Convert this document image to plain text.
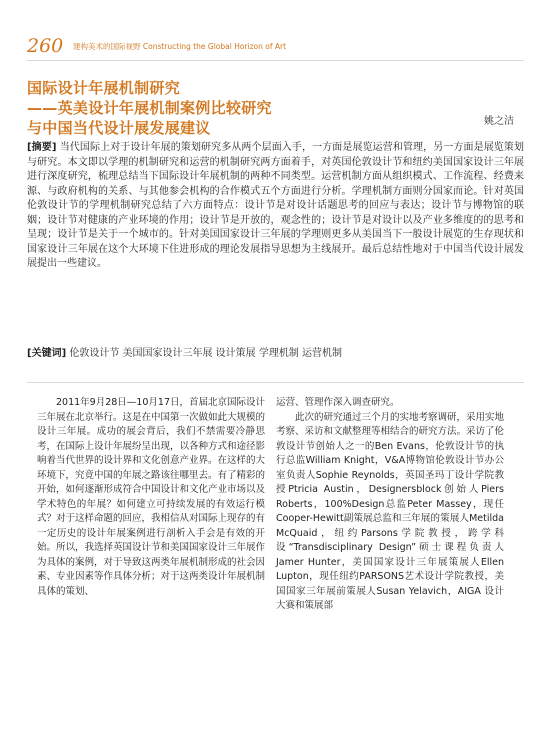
260 建构美术的国际视野 Constructing the Global Horizon of Art
国际设计年展机制研究
——英美设计年展机制案例比较研究
与中国当代设计展发展建议	姚之洁
[摘要] 当代国际上对于设计年展的策划研究多从两个层面入手，一方面是展览运营和管理，另一方面是展览策划与研究。本文即以学理的机制研究和运营的机制研究两方面着手，对英国伦敦设计节和纽约美国国家设计三年展进行深度研究，梳理总结当下国际设计年展机制的两种不同类型。运营机制方面从组织模式、工作流程、经费来源、与政府机构的关系、与其他参会机构的合作模式五个方面进行分析。学理机制方面则分国家而论。针对英国伦敦设计节的学理机制研究总结了六方面特点：设计节是对设计话题思考的回应与表达；设计节与博物馆的联姻；设计节对健康的产业环境的作用；设计节是开放的，观念性的；设计节是对设计以及产业多维度的的思考和呈现；设计节是关于一个城市的。针对美国国家设计三年展的学理则更多从美国当下一般设计展览的生存现状和国家设计三年展在这个大环境下住进形成的理论发展指导思想为主线展开。最后总结性地对于中国当代设计展发展提出一些建议。
[关键词] 伦敦设计节 美国国家设计三年展 设计策展 学理机制 运营机制

2011年9月28日—10月17日，首届北京国际设计三年展在北京举行。这是在中国第一次做如此大规模的设计三年展。成功的展会背后，我们不禁需要冷静思考，在国际上设计年展纷呈出现，以各种方式和途径影响着当代世界的设计界和文化创意产业界。在这样的大环境下，究竟中国的年展之路该往哪里去。有了精彩的开始，如何逐渐形成符合中国设计和文化产业市场以及学术特色的年展？如何建立可持续发展的有效运行模式？对于这样命题的回应，我相信从对国际上现存的有一定历史的设计年展案例进行剖析入手会是有效的开始。所以，我选择英国设计节和美国国家设计三年展作为具体的案例，对于导致这两类年展机制形成的社会因素、专业因素等作具体分析；对于这两类设计年展机制具体的策划、

运营、管理作深入调查研究。

此次的研究通过三个月的实地考察调研，采用实地考察、采访和文献整理等相结合的研究方法。采访了伦敦设计节创始人之一的Ben Evans，伦敦设计节的执行总监William Knight，V&A博物馆伦敦设计节办公室负责人Sophie Reynolds，英国圣玛丁设计学院教授Ptricia Austin，Designersblock创始人Piers Roberts，100%Design总监Peter Massey，现任Cooper-Hewitt副策展总监和三年展的策展人Metilda McQuaid，纽约Parsons学院教授，跨学科设“Transdisciplinary Design”硕士课程负责人Jamer Hunter，美国国家设计三年展策展人Ellen Lupton，现任纽约PARSONS艺术设计学院教授，美国国家三年展前策展人Susan Yelavich，AIGA 设计大赛和策展部
